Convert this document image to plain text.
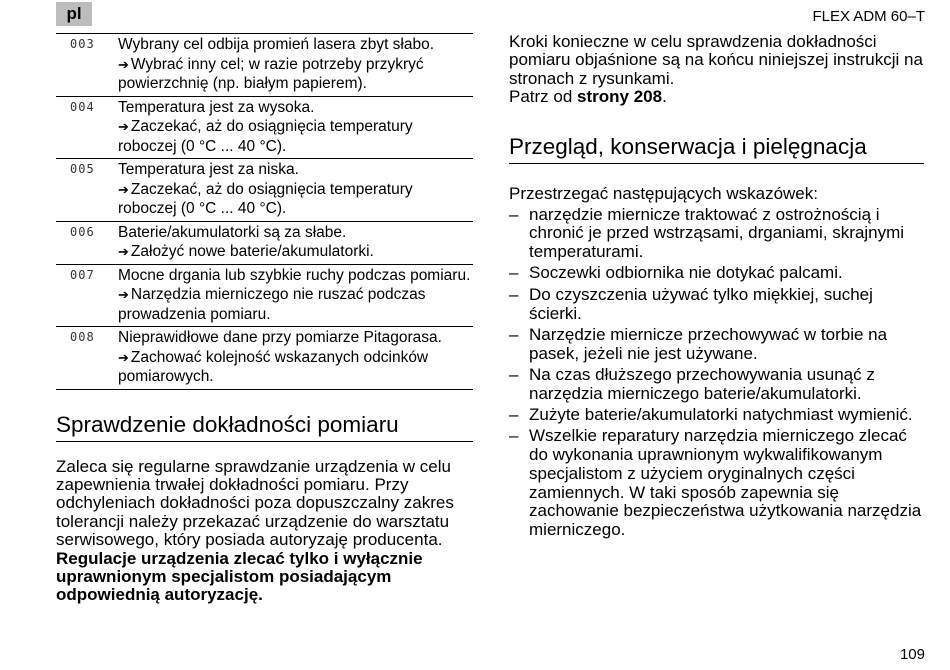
pl	FLEX ADM 60–T
003	Wybrany cel odbija promień lasera zbyt słabo.
➔ Wybrać inny cel; w razie potrzeby przykryć powierzchnię (np. białym papierem).
004	Temperatura jest za wysoka.
➔ Zaczekać, aż do osiągnięcia temperatury roboczej (0 °C ... 40 °C).
005	Temperatura jest za niska.
➔ Zaczekać, aż do osiągnięcia temperatury roboczej (0 °C ... 40 °C).
006	Baterie/akumulatorki są za słabe.
➔ Założyć nowe baterie/akumulatorki.
007	Mocne drgania lub szybkie ruchy podczas pomiaru. ➔ Narzędzia mierniczego nie ruszać podczas prowadzenia pomiaru.
008	Nieprawidłowe dane przy pomiarze Pitagorasa. ➔ Zachować kolejność wskazanych odcinków pomiarowych.
Sprawdzenie dokładności pomiaru
Zaleca się regularne sprawdzanie urządzenia w celu zapewnienia trwałej dokładności pomiaru. Przy odchyleniach dokładności poza dopuszczalny zakres tolerancji należy przekazać urządzenie do warsztatu serwisowego, który posiada autoryzaję producenta. Regulacje urządzenia zlecać tylko i wyłącznie uprawnionym specjalistom posiadającym odpowiednią autoryzację.
Kroki konieczne w celu sprawdzenia dokładności pomiaru objaśnione są na końcu niniejszej instrukcji na stronach z rysunkami.
Patrz od strony 208.
Przegląd, konserwacja i pielęgnacja
Przestrzegać następujących wskazówek:
– narzędzie miernicze traktować z ostrożnością i chronić je przed wstrząsami, drganiami, skrajnymi temperaturami.
– Soczewki odbiornika nie dotykać palcami.
– Do czyszczenia używać tylko miękkiej, suchej ścierki.
– Narzędzie miernicze przechowywać w torbie na pasek, jeżeli nie jest używane.
– Na czas dłuższego przechowywania usunąć z narzędzia mierniczego baterie/akumulatorki.
– Zużyte baterie/akumulatorki natychmiast wymienić.
– Wszelkie reparatury narzędzia mierniczego zlecać do wykonania uprawnionym wykwalifikowanym specjalistom z użyciem oryginalnych części zamiennych. W taki sposób zapewnia się zachowanie bezpieczeństwa użytkowania narzędzia mierniczego.
109
